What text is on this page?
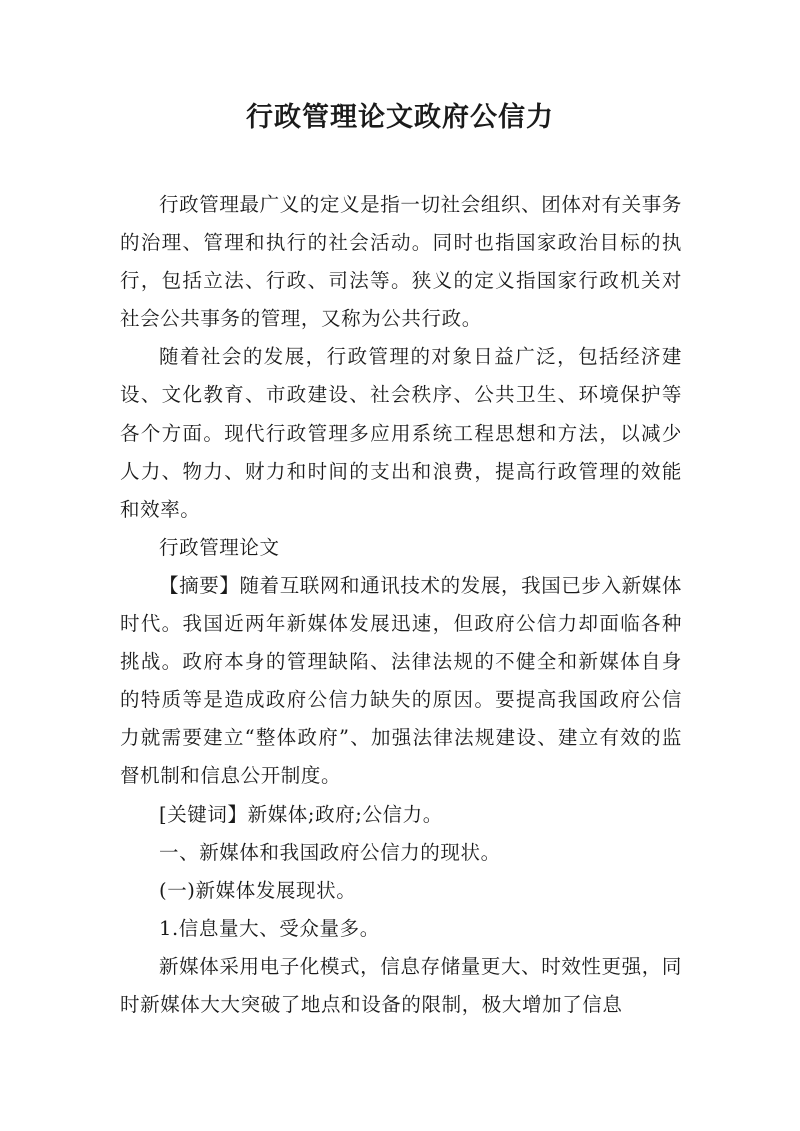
行政管理论文政府公信力

行政管理最广义的定义是指一切社会组织、团体对有关事务的治理、管理和执行的社会活动。同时也指国家政治目标的执行，包括立法、行政、司法等。狭义的定义指国家行政机关对社会公共事务的管理，又称为公共行政。

随着社会的发展，行政管理的对象日益广泛，包括经济建设、文化教育、市政建设、社会秩序、公共卫生、环境保护等各个方面。现代行政管理多应用系统工程思想和方法，以减少人力、物力、财力和时间的支出和浪费，提高行政管理的效能和效率。

行政管理论文

【摘要】随着互联网和通讯技术的发展，我国已步入新媒体时代。我国近两年新媒体发展迅速，但政府公信力却面临各种挑战。政府本身的管理缺陷、法律法规的不健全和新媒体自身的特质等是造成政府公信力缺失的原因。要提高我国政府公信力就需要建立“整体政府”、加强法律法规建设、建立有效的监督机制和信息公开制度。

[关键词】新媒体;政府;公信力。

一、新媒体和我国政府公信力的现状。

(一)新媒体发展现状。

1.信息量大、受众量多。

新媒体采用电子化模式，信息存储量更大、时效性更强，同时新媒体大大突破了地点和设备的限制，极大增加了信息
